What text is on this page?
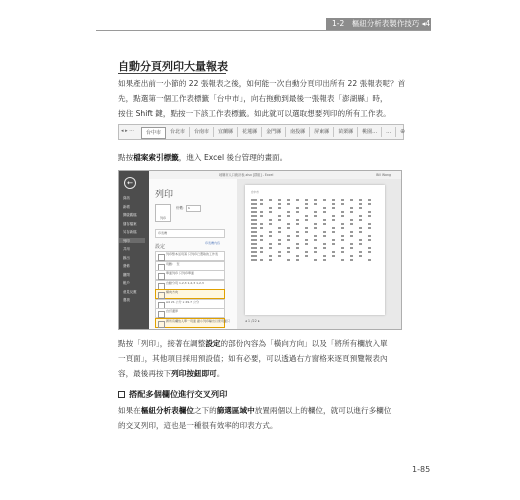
1-2　樞紐分析表製作技巧 ◂4
自動分頁列印大量報表
如果產出前一小節的 22 張報表之後，如何能一次自動分頁印出所有 22 張報表呢？首
先，點選第一個工作表標籤「台中市」，向右拖動到最後一張報表「澎湖縣」時，
按住 Shift 鍵，點按一下該工作表標籤。如此就可以選取想要列印的所有工作表。
◂ ▸ ···	台中市	台北市	台南市	宜蘭縣	花蓮縣	金門縣	南投縣	屏東縣	苗栗縣	桃園…	…	⊕
點按檔案索引標籤，進入 Excel 後台管理的畫面。
←
資訊
新增
開啟舊檔
儲存檔案
另存新檔
列印
共用
匯出
發佈
關閉
帳戶
意見反應
選項
地縣市人口統計表.xlsx [群組] - Excel	Bill Wang
列印
列印
份數： 1
印表機
設定
印表機內容
列印整本活頁簿 只列印已選取的工作表
頁數：　至
單面列印 只列印單面
自動分頁 1,2,3 1,2,3 1,2,3
橫向方向
A4 21 公分 x 29.7 公分
自訂邊界
將所有欄放入單一頁面 縮小列印輸出以使頁面只
台中市
◂ 1 /22 ▸
點按「列印」，接著在調整設定的部份內容為「橫向方向」以及「將所有欄放入單
一頁面」，其他項目採用預設值；如有必要，可以透過右方窗格來逐頁預覽報表內
容，最後再按下列印按鈕即可。
搭配多個欄位進行交叉列印
如果在樞紐分析表欄位之下的篩選區域中放置兩個以上的欄位，就可以進行多欄位
的交叉列印，這也是一種很有效率的印表方式。
1-85
